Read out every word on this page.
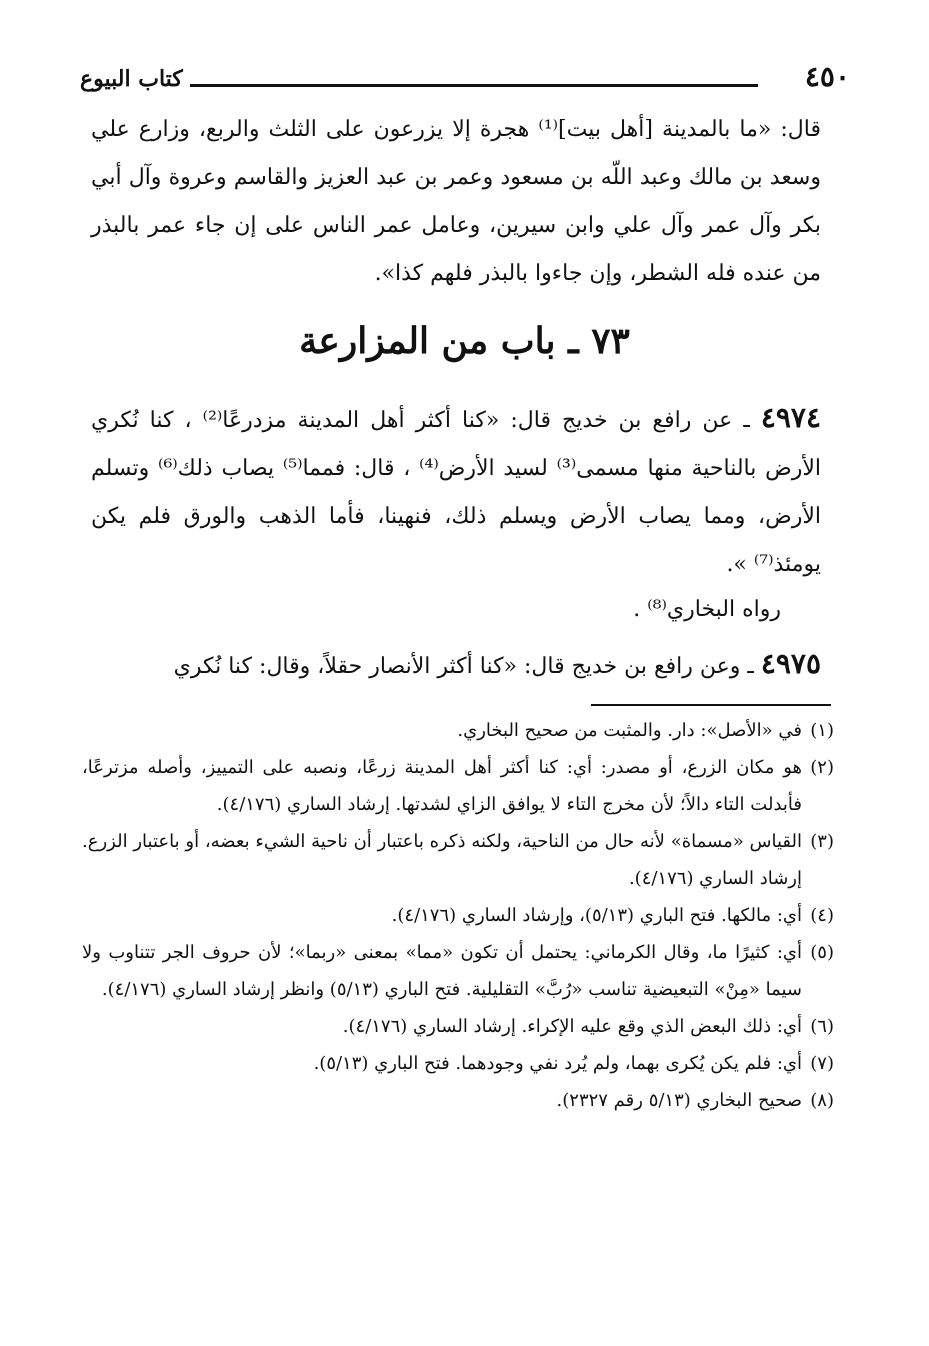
٤٥٠
كتاب البيوع

قال: «ما بالمدينة [أهل بيت]⁽¹⁾ هجرة إلا يزرعون على الثلث والربع، وزارع علي وسعد بن مالك وعبد اللّه بن مسعود وعمر بن عبد العزيز والقاسم وعروة وآل أبي بكر وآل عمر وآل علي وابن سيرين، وعامل عمر الناس على إن جاء عمر بالبذر من عنده فله الشطر، وإن جاءوا بالبذر فلهم كذا».

٧٣ ـ باب من المزارعة
٤٩٧٤ ـ عن رافع بن خديج قال: «كنا أكثر أهل المدينة مزدرعًا⁽²⁾ ، كنا نُكري الأرض بالناحية منها مسمى⁽³⁾ لسيد الأرض⁽⁴⁾ ، قال: فمما⁽⁵⁾ يصاب ذلك⁽⁶⁾ وتسلم الأرض، ومما يصاب الأرض ويسلم ذلك، فنهينا، فأما الذهب والورق فلم يكن يومئذ⁽⁷⁾ ».
رواه البخاري⁽⁸⁾ .
٤٩٧٥ ـ وعن رافع بن خديج قال: «كنا أكثر الأنصار حقلاً، وقال: كنا نُكري

(١)
في «الأصل»: دار. والمثبت من صحيح البخاري.

(٢)
هو مكان الزرع، أو مصدر: أي: كنا أكثر أهل المدينة زرعًا، ونصبه على التمييز، وأصله مزترعًا، فأبدلت التاء دالاً؛ لأن مخرج التاء لا يوافق الزاي لشدتها. إرشاد الساري (٤/١٧٦).

(٣)
القياس «مسماة» لأنه حال من الناحية، ولكنه ذكره باعتبار أن ناحية الشيء بعضه، أو باعتبار الزرع. إرشاد الساري (٤/١٧٦).

(٤)
أي: مالكها. فتح الباري (٥/١٣)، وإرشاد الساري (٤/١٧٦).

(٥)
أي: كثيرًا ما، وقال الكرماني: يحتمل أن تكون «مما» بمعنى «ربما»؛ لأن حروف الجر تتناوب ولا سيما «مِنْ» التبعيضية تناسب «رُبَّ» التقليلية. فتح الباري (٥/١٣) وانظر إرشاد الساري (٤/١٧٦).

(٦)
أي: ذلك البعض الذي وقع عليه الإكراء. إرشاد الساري (٤/١٧٦).

(٧)
أي: فلم يكن يُكرى بهما، ولم يُرد نفي وجودهما. فتح الباري (٥/١٣).

(٨)
صحيح البخاري (٥/١٣ رقم ٢٣٢٧).
